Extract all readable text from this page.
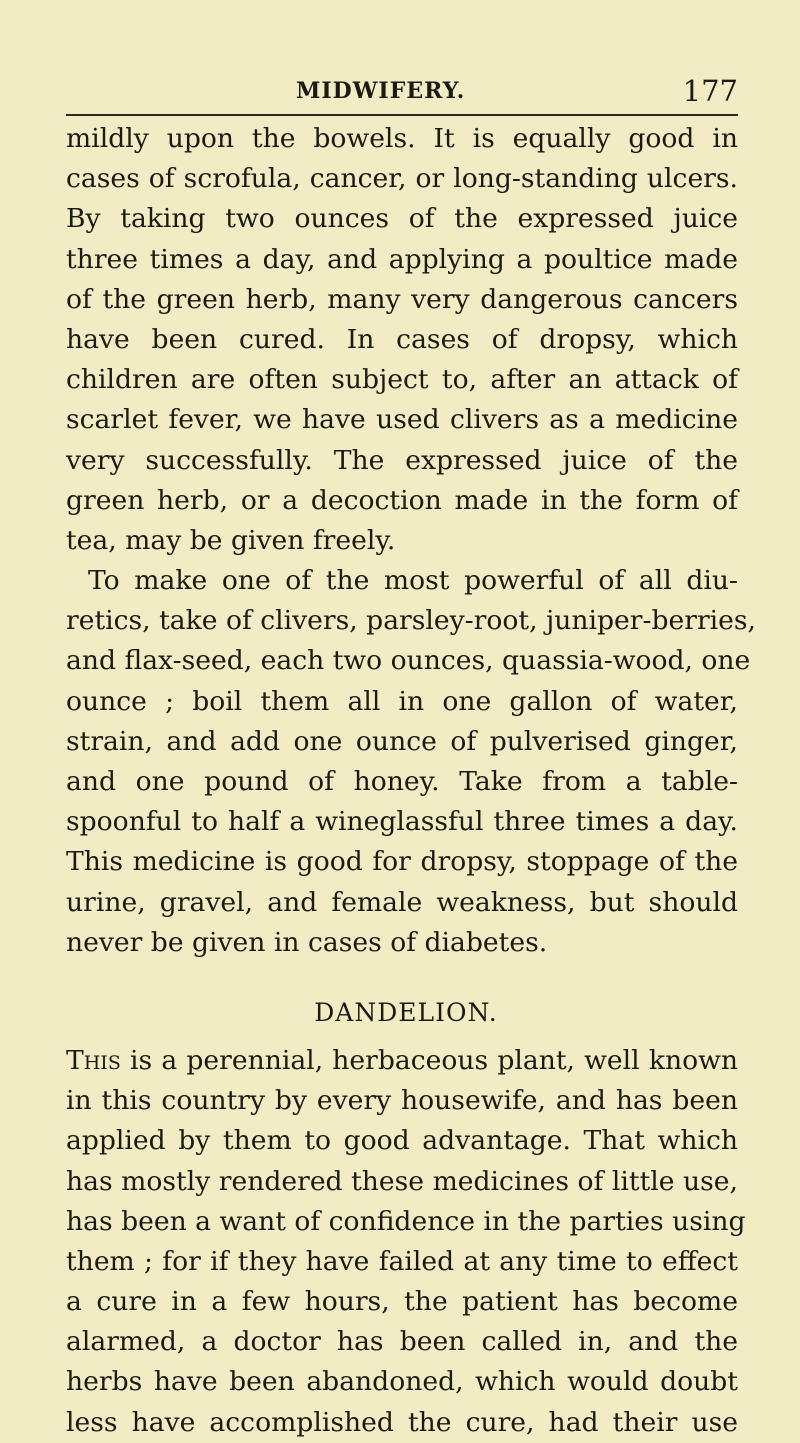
MIDWIFERY.	177
mildly upon the bowels. It is equally good in
cases of scrofula, cancer, or long-standing ulcers.
By taking two ounces of the expressed juice
three times a day, and applying a poultice made
of the green herb, many very dangerous cancers
have been cured. In cases of dropsy, which
children are often subject to, after an attack of
scarlet fever, we have used clivers as a medicine
very successfully. The expressed juice of the
green herb, or a decoction made in the form of
tea, may be given freely.
To make one of the most powerful of all diu-
retics, take of clivers, parsley-root, juniper-berries,
and flax-seed, each two ounces, quassia-wood, one
ounce ; boil them all in one gallon of water,
strain, and add one ounce of pulverised ginger,
and one pound of honey. Take from a table-
spoonful to half a wineglassful three times a day.
This medicine is good for dropsy, stoppage of the
urine, gravel, and female weakness, but should
never be given in cases of diabetes.
DANDELION.
This is a perennial, herbaceous plant, well known
in this country by every housewife, and has been
applied by them to good advantage. That which
has mostly rendered these medicines of little use,
has been a want of confidence in the parties using
them ; for if they have failed at any time to effect
a cure in a few hours, the patient has become
alarmed, a doctor has been called in, and the
herbs have been abandoned, which would doubt
less have accomplished the cure, had their use
